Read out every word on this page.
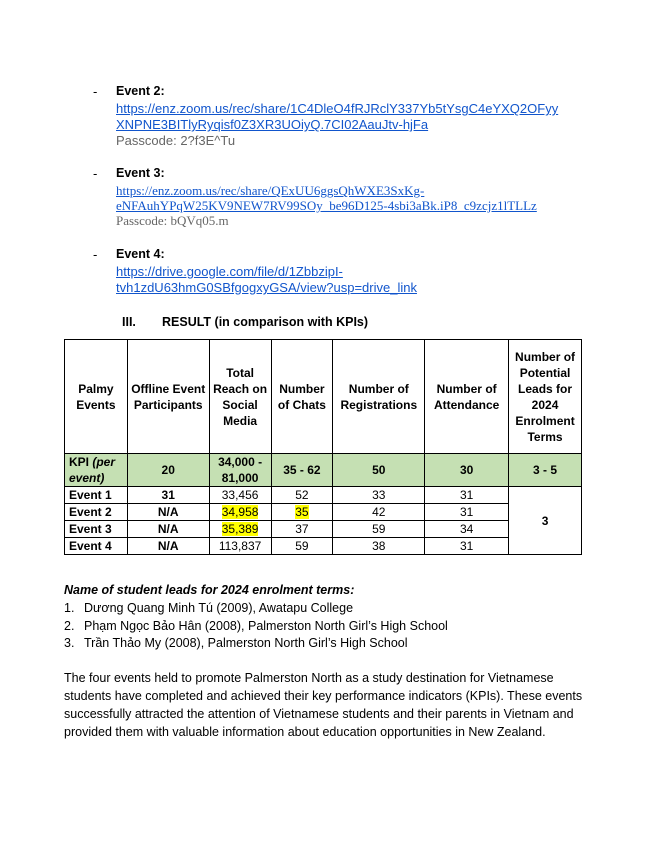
- Event 2:
https://enz.zoom.us/rec/share/1C4DleO4fRJRclY337Yb5tYsgC4eYXQ2OFyy
XNPNE3BITlyRyqisf0Z3XR3UOiyQ.7CI02AauJtv-hjFa
Passcode: 2?f3E^Tu
- Event 3:
https://enz.zoom.us/rec/share/QExUU6ggsQhWXE3SxKg-
eNFAuhYPqW25KV9NEW7RV99SOy_be96D125-4sbi3aBk.iP8_c9zcjz1lTLLz
Passcode: bQVq05.m
- Event 4:
https://drive.google.com/file/d/1ZbbzipI-
tvh1zdU63hmG0SBfgogxyGSA/view?usp=drive_link
III. RESULT (in comparison with KPIs)
Palmy Events	Offline Event Participants	Total Reach on Social Media	Number of Chats	Number of Registrations	Number of Attendance	Number of Potential Leads for 2024 Enrolment Terms
KPI (per event)	20	34,000 - 81,000	35 - 62	50	30	3 - 5
Event 1	31	33,456	52	33	31	3
Event 2	N/A	34,958	35	42	31	
Event 3	N/A	35,389	37	59	34	
Event 4	N/A	113,837	59	38	31	
Name of student leads for 2024 enrolment terms:
1. Dương Quang Minh Tú (2009), Awatapu College
2. Phạm Ngọc Bảo Hân (2008), Palmerston North Girl’s High School
3. Trần Thảo My (2008), Palmerston North Girl’s High School
The four events held to promote Palmerston North as a study destination for Vietnamese students have completed and achieved their key performance indicators (KPIs). These events successfully attracted the attention of Vietnamese students and their parents in Vietnam and provided them with valuable information about education opportunities in New Zealand.
